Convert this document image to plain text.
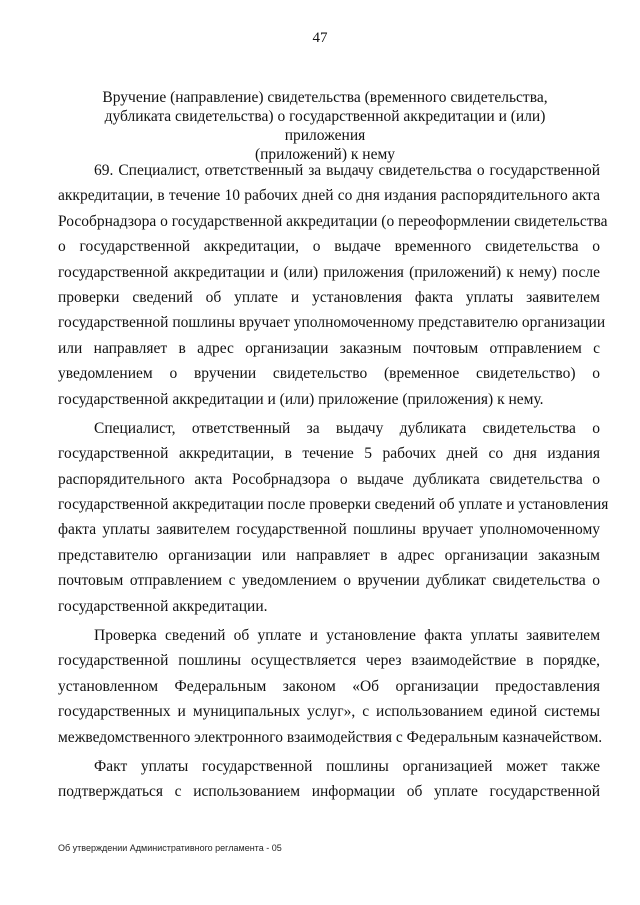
47
Вручение (направление) свидетельства (временного свидетельства,
дубликата свидетельства) о государственной аккредитации и (или) приложения
(приложений) к нему
69. Специалист, ответственный за выдачу свидетельства о государственной
аккредитации, в течение 10 рабочих дней со дня издания распорядительного акта
Рособрнадзора о государственной аккредитации (о переоформлении свидетельства
о государственной аккредитации, о выдаче временного свидетельства о
государственной аккредитации и (или) приложения (приложений) к нему) после
проверки сведений об уплате и установления факта уплаты заявителем
государственной пошлины вручает уполномоченному представителю организации
или направляет в адрес организации заказным почтовым отправлением с
уведомлением о вручении свидетельство (временное свидетельство) о
государственной аккредитации и (или) приложение (приложения) к нему.
Специалист, ответственный за выдачу дубликата свидетельства о
государственной аккредитации, в течение 5 рабочих дней со дня издания
распорядительного акта Рособрнадзора о выдаче дубликата свидетельства о
государственной аккредитации после проверки сведений об уплате и установления
факта уплаты заявителем государственной пошлины вручает уполномоченному
представителю организации или направляет в адрес организации заказным
почтовым отправлением с уведомлением о вручении дубликат свидетельства о
государственной аккредитации.
Проверка сведений об уплате и установление факта уплаты заявителем
государственной пошлины осуществляется через взаимодействие в порядке,
установленном Федеральным законом «Об организации предоставления
государственных и муниципальных услуг», с использованием единой системы
межведомственного электронного взаимодействия с Федеральным казначейством.
Факт уплаты государственной пошлины организацией может также
подтверждаться с использованием информации об уплате государственной
Об утверждении Административного регламента - 05
